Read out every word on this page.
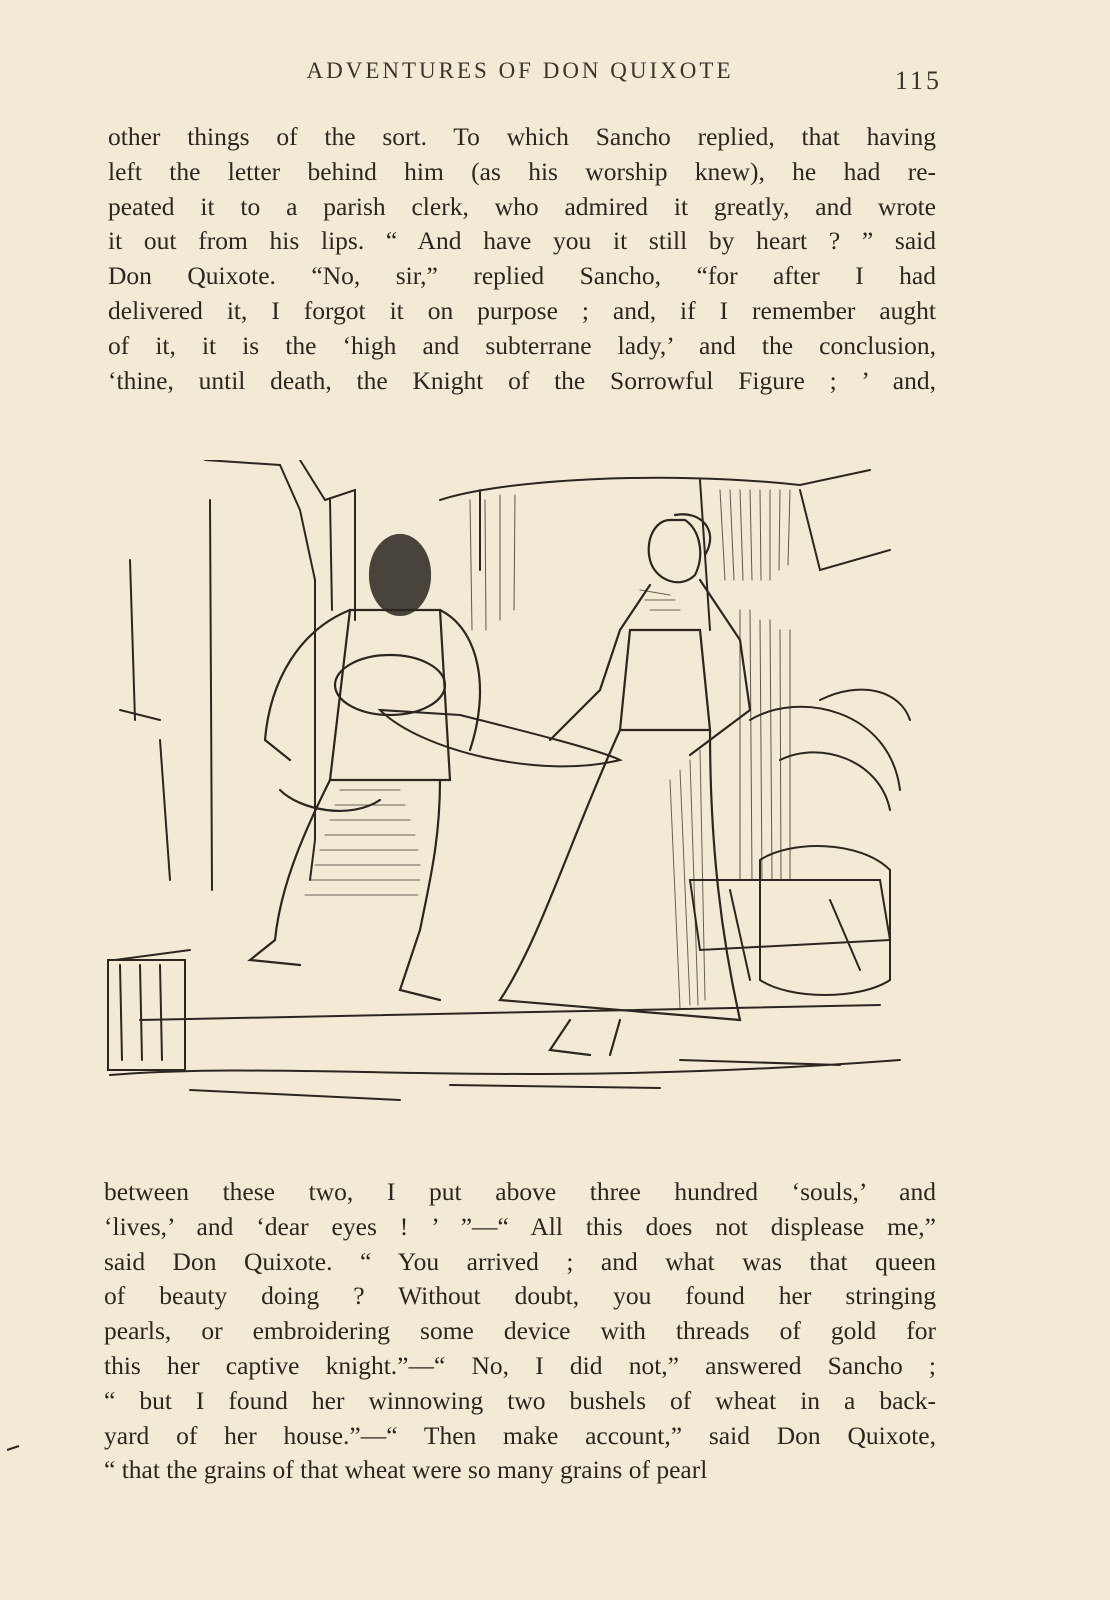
ADVENTURES OF DON QUIXOTE	115
other things of the sort. To which Sancho replied, that having
left the letter behind him (as his worship knew), he had re-
peated it to a parish clerk, who admired it greatly, and wrote
it out from his lips. “ And have you it still by heart ? ” said
Don Quixote. “No, sir,” replied Sancho, “for after I had
delivered it, I forgot it on purpose ; and, if I remember aught
of it, it is the ‘high and subterrane lady,’ and the conclusion,
‘thine, until death, the Knight of the Sorrowful Figure ; ’ and,
between these two, I put above three hundred ‘souls,’ and
‘lives,’ and ‘dear eyes ! ’ ”—“ All this does not displease me,”
said Don Quixote. “ You arrived ; and what was that queen
of beauty doing ? Without doubt, you found her stringing
pearls, or embroidering some device with threads of gold for
this her captive knight.”—“ No, I did not,” answered Sancho ;
“ but I found her winnowing two bushels of wheat in a back-
yard of her house.”—“ Then make account,” said Don Quixote,
“ that the grains of that wheat were so many grains of pearl
